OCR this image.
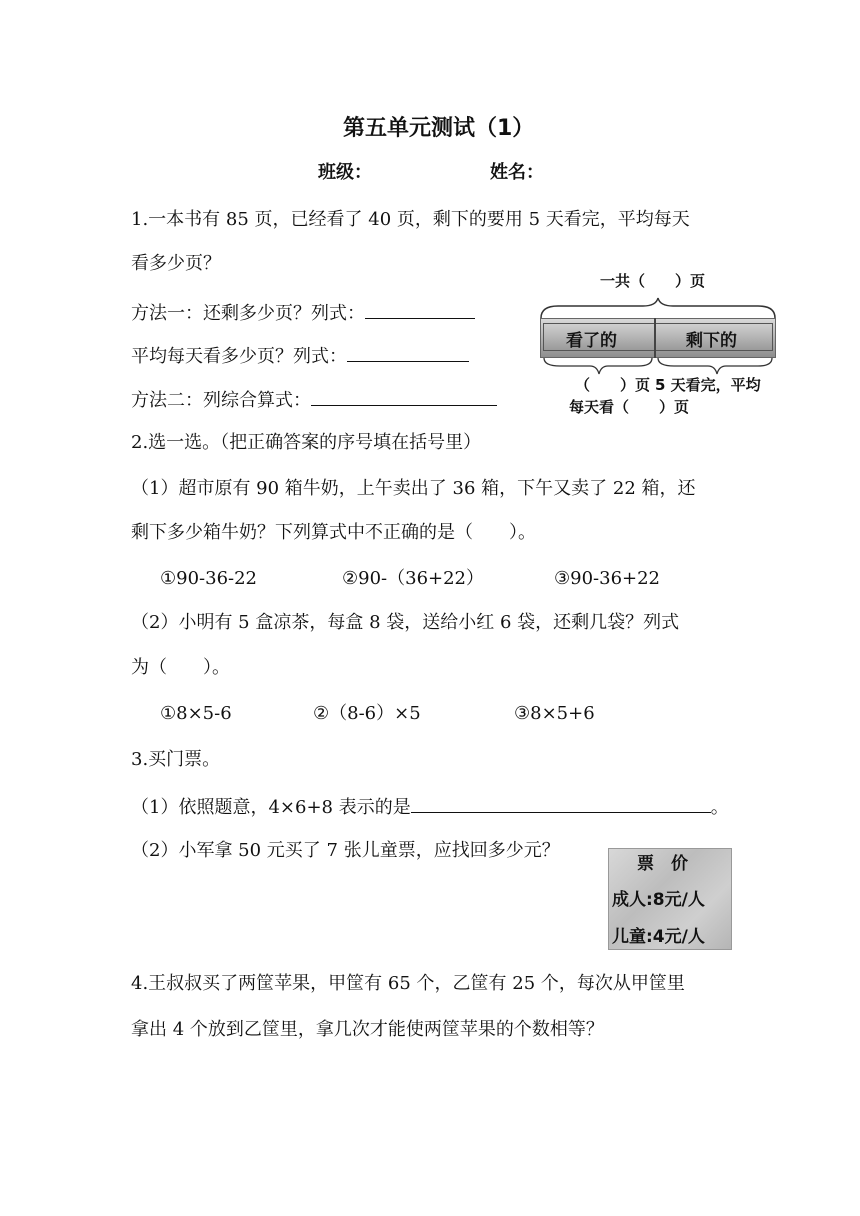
第五单元测试（1）
班级：	姓名：
1.一本书有 85 页，已经看了 40 页，剩下的要用 5 天看完，平均每天
看多少页？
方法一：还剩多少页？列式：
平均每天看多少页？列式：
方法二：列综合算式：
一共（　　）页
看了的	剩下的
（　　）页 5 天看完，平均
每天看（　　）页
2.选一选。（把正确答案的序号填在括号里）
（1）超市原有 90 箱牛奶，上午卖出了 36 箱，下午又卖了 22 箱，还
剩下多少箱牛奶？下列算式中不正确的是（　　）。
①90-36-22	②90-（36+22）	③90-36+22
（2）小明有 5 盒凉茶，每盒 8 袋，送给小红 6 袋，还剩几袋？列式
为（　　）。
①8×5-6	②（8-6）×5	③8×5+6
3.买门票。
（1）依照题意，4×6+8 表示的是	。
（2）小军拿 50 元买了 7 张儿童票，应找回多少元？
票　价
成人:8元/人
儿童:4元/人
4.王叔叔买了两筐苹果，甲筐有 65 个，乙筐有 25 个，每次从甲筐里
拿出 4 个放到乙筐里，拿几次才能使两筐苹果的个数相等？
